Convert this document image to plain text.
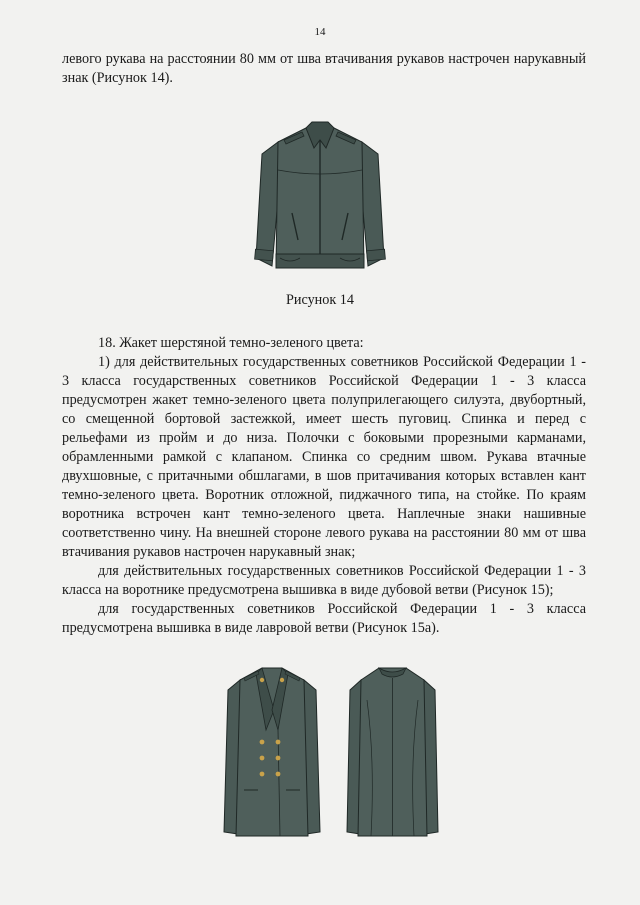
14
левого рукава на расстоянии 80 мм от шва втачивания рукавов настрочен нарукавный знак (Рисунок 14).
Рисунок 14
18. Жакет шерстяной темно-зеленого цвета:
1) для действительных государственных советников Российской Федерации 1 - 3 класса государственных советников Российской Федерации 1 - 3 класса предусмотрен жакет темно-зеленого цвета полуприлегающего силуэта, двубортный, со смещенной бортовой застежкой, имеет шесть пуговиц. Спинка и перед с рельефами из пройм и до низа. Полочки с боковыми прорезными карманами, обрамленными рамкой с клапаном. Спинка со средним швом. Рукава втачные двухшовные, с притачными обшлагами, в шов притачивания которых вставлен кант темно-зеленого цвета. Воротник отложной, пиджачного типа, на стойке. По краям воротника встрочен кант темно-зеленого цвета. Наплечные знаки нашивные соответственно чину. На внешней стороне левого рукава на расстоянии 80 мм от шва втачивания рукавов настрочен нарукавный знак;
для действительных государственных советников Российской Федерации 1 - 3 класса на воротнике предусмотрена вышивка в виде дубовой ветви (Рисунок 15);
для государственных советников Российской Федерации 1 - 3 класса предусмотрена вышивка в виде лавровой ветви (Рисунок 15а).
